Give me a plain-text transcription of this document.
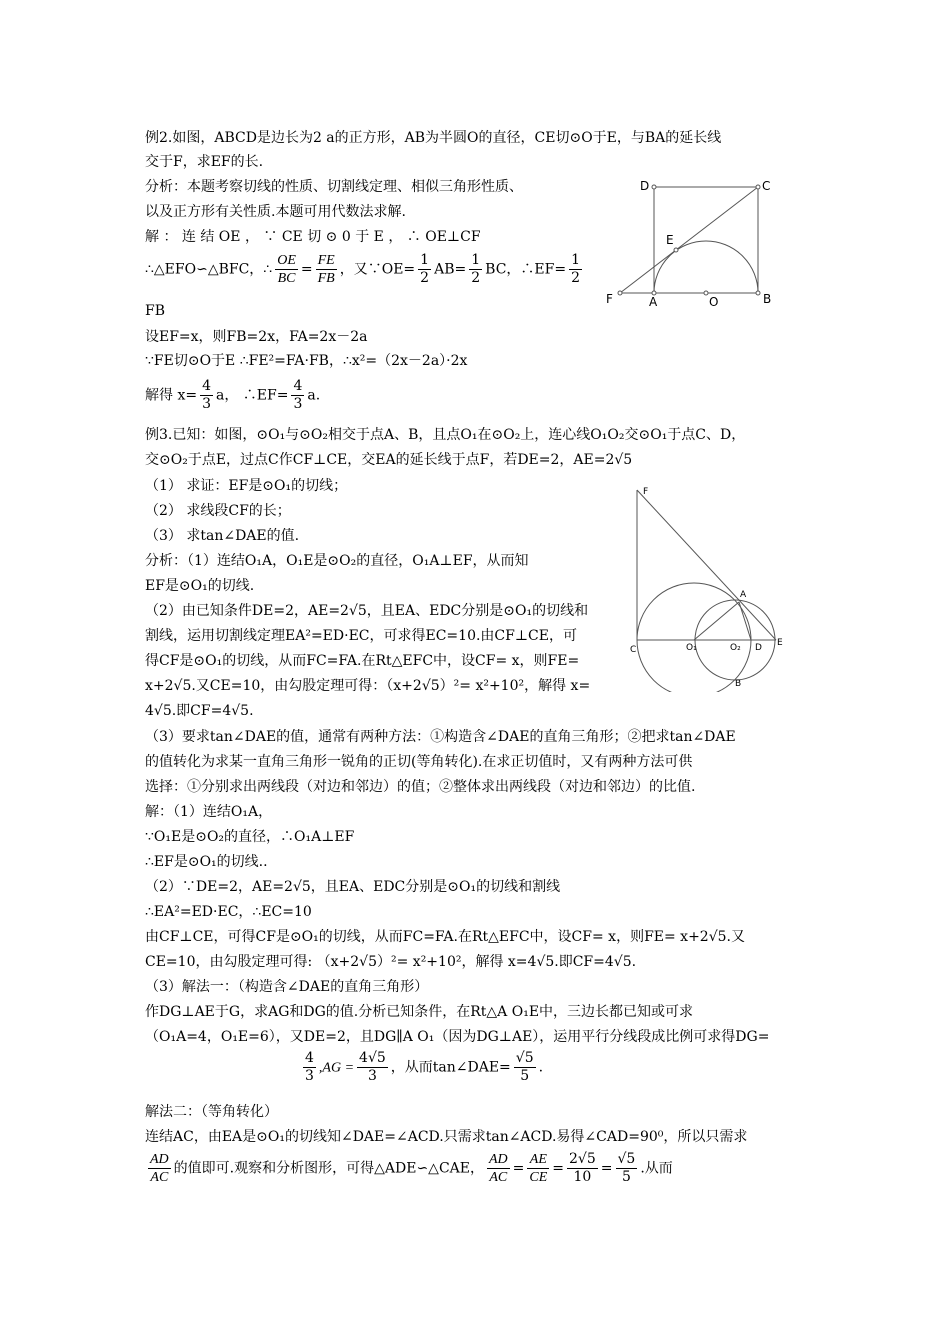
例2.如图，ABCD是边长为2 a的正方形，AB为半圆O的直径，CE切⊙O于E，与BA的延长线
交于F，求EF的长.
分析：本题考察切线的性质、切割线定理、相似三角形性质、
以及正方形有关性质.本题可用代数法求解.
解 ： 连 结 OE ， ∵ CE 切 ⊙ 0 于 E ， ∴ OE⊥CF
∴△EFO∽△BFC，∴ $\frac{OE}{BC} = \frac{FE}{FB}$ ，又∵OE= $\frac{1}{2} AB= \frac{1}{2}$ BC，∴EF= $\frac{1}{2}$
FB
设EF=x，则FB=2x，FA=2x－2a
∵FE切⊙O于E ∴FE²=FA·FB，∴x²=（2x－2a）·2x
解得 $x= \frac{4}{3}$ a， ∴EF= $\frac{4}{3} a$.
D	C
E
F	A	O	B
例3.已知：如图，⊙O₁与⊙O₂相交于点A、B，且点O₁在⊙O₂上，连心线O₁O₂交⊙O₁于点C、D，
交⊙O₂于点E，过点C作CF⊥CE，交EA的延长线于点F，若DE=2，AE=2√5
（1） 求证：EF是⊙O₁的切线；
（2） 求线段CF的长；
（3） 求tan∠DAE的值.
分析：（1）连结O₁A，O₁E是⊙O₂的直径，O₁A⊥EF，从而知
EF是⊙O₁的切线.
（2）由已知条件DE=2，AE=2√5，且EA、EDC分别是⊙O₁的切线和
割线，运用切割线定理EA²=ED·EC，可求得EC=10.由CF⊥CE，可
得CF是⊙O₁的切线，从而FC=FA.在Rt△EFC中，设CF= x，则FE=
x+2√5.又CE=10，由勾股定理可得：（x+2√5）²= x²+10²，解得 x=
4√5.即CF=4√5.
（3）要求tan∠DAE的值，通常有两种方法：①构造含∠DAE的直角三角形；②把求tan∠DAE
的值转化为求某一直角三角形一锐角的正切(等角转化).在求正切值时，又有两种方法可供
选择：①分别求出两线段（对边和邻边）的值；②整体求出两线段（对边和邻边）的比值.
解：（1）连结O₁A，
∵O₁E是⊙O₂的直径，∴O₁A⊥EF
∴EF是⊙O₁的切线..
（2）∵DE=2，AE=2√5，且EA、EDC分别是⊙O₁的切线和割线
∴EA²=ED·EC，∴EC=10
由CF⊥CE，可得CF是⊙O₁的切线，从而FC=FA.在Rt△EFC中，设CF= x，则FE= x+2√5.又
CE=10，由勾股定理可得: （x+2√5）²= x²+10²，解得 x=4√5.即CF=4√5.
（3）解法一：（构造含∠DAE的直角三角形）
作DG⊥AE于G，求AG和DG的值.分析已知条件，在Rt△A O₁E中，三边长都已知或可求
（O₁A=4，O₁E=6），又DE=2，且DG∥A O₁（因为DG⊥AE），运用平行分线段成比例可求得DG=
$\frac{4}{3} ,AG = \frac{4√5}{3}$ ，从而tan∠DAE= $\frac{√5}{5}$ .
解法二：（等角转化）
连结AC，由EA是⊙O₁的切线知∠DAE=∠ACD.只需求tan∠ACD.易得∠CAD=90⁰，所以只需求
$\frac{AD}{AC}$ 的值即可.观察和分析图形，可得△ADE∽△CAE， $\frac{AD}{AC} = \frac{AE}{CE} = \frac{2√5}{10} = \frac{√5}{5}$ .从而
F
A
C	O₁	O₂ D E
B
